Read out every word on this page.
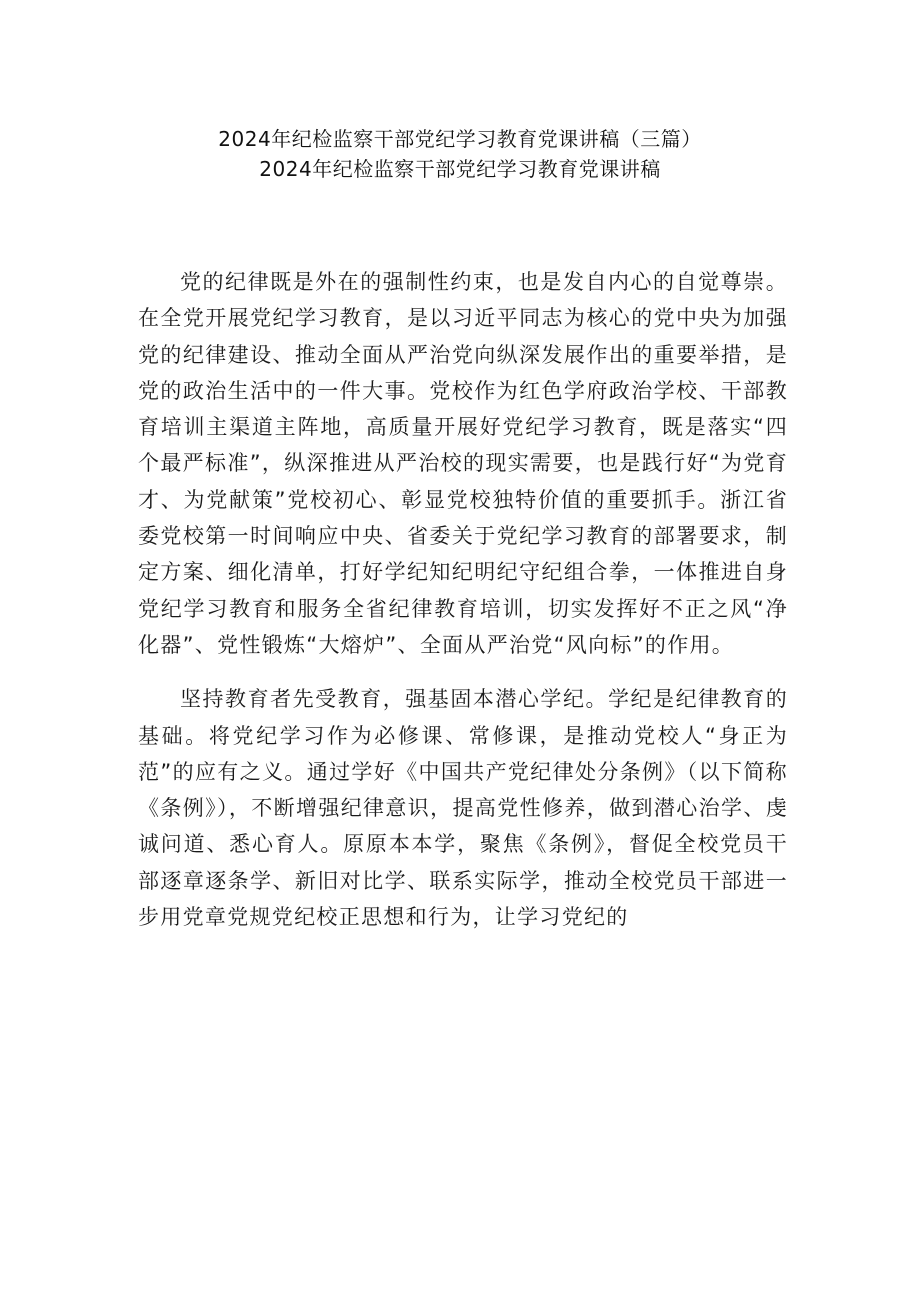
2024年纪检监察干部党纪学习教育党课讲稿（三篇）
2024年纪检监察干部党纪学习教育党课讲稿

党的纪律既是外在的强制性约束，也是发自内心的自觉尊崇。在全党开展党纪学习教育，是以习近平同志为核心的党中央为加强党的纪律建设、推动全面从严治党向纵深发展作出的重要举措，是党的政治生活中的一件大事。党校作为红色学府政治学校、干部教育培训主渠道主阵地，高质量开展好党纪学习教育，既是落实“四个最严标准”，纵深推进从严治校的现实需要，也是践行好“为党育才、为党献策”党校初心、彰显党校独特价值的重要抓手。浙江省委党校第一时间响应中央、省委关于党纪学习教育的部署要求，制定方案、细化清单，打好学纪知纪明纪守纪组合拳，一体推进自身党纪学习教育和服务全省纪律教育培训，切实发挥好不正之风“净化器”、党性锻炼“大熔炉”、全面从严治党“风向标”的作用。

坚持教育者先受教育，强基固本潜心学纪。学纪是纪律教育的基础。将党纪学习作为必修课、常修课，是推动党校人“身正为范”的应有之义。通过学好《中国共产党纪律处分条例》（以下简称《条例》），不断增强纪律意识，提高党性修养，做到潜心治学、虔诚问道、悉心育人。原原本本学，聚焦《条例》，督促全校党员干部逐章逐条学、新旧对比学、联系实际学，推动全校党员干部进一步用党章党规党纪校正思想和行为，让学习党纪的
